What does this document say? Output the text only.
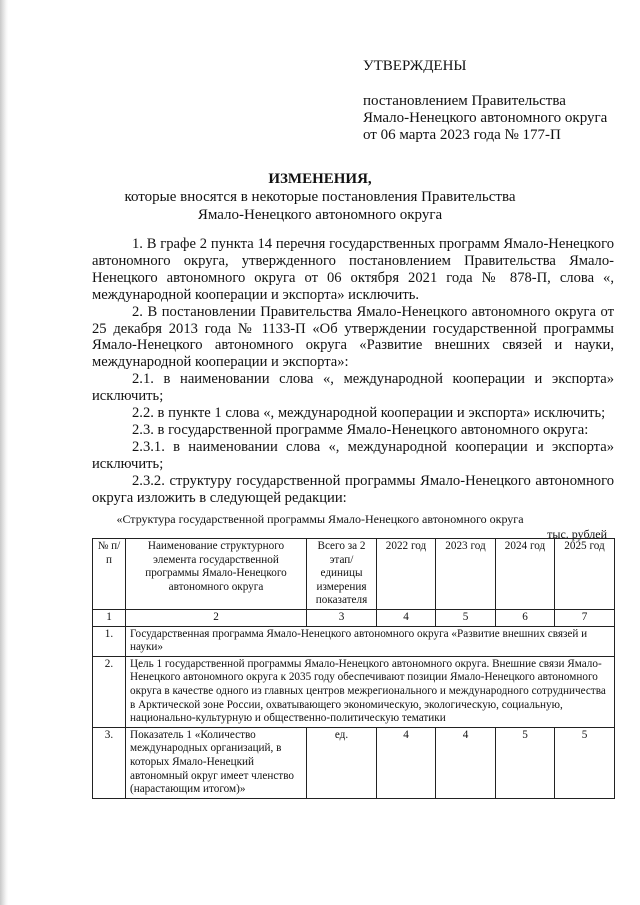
УТВЕРЖДЕНЫ
постановлением Правительства
Ямало-Ненецкого автономного округа
от 06 марта 2023 года № 177-П
ИЗМЕНЕНИЯ,
которые вносятся в некоторые постановления Правительства
Ямало-Ненецкого автономного округа

1. В графе 2 пункта 14 перечня государственных программ Ямало-Ненецкого автономного округа, утвержденного постановлением Правительства Ямало-Ненецкого автономного округа от 06 октября 2021 года № 878-П, слова «, международной кооперации и экспорта» исключить.

2. В постановлении Правительства Ямало-Ненецкого автономного округа от 25 декабря 2013 года № 1133-П «Об утверждении государственной программы Ямало-Ненецкого автономного округа «Развитие внешних связей и науки, международной кооперации и экспорта»:

2.1. в наименовании слова «, международной кооперации и экспорта» исключить;

2.2. в пункте 1 слова «, международной кооперации и экспорта» исключить;

2.3. в государственной программе Ямало-Ненецкого автономного округа:

2.3.1. в наименовании слова «, международной кооперации и экспорта» исключить;

2.3.2. структуру государственной программы Ямало-Ненецкого автономного округа изложить в следующей редакции:

«Структура государственной программы Ямало-Ненецкого автономного округа
тыс. рублей
№ п/п	Наименование структурного элемента государственной программы Ямало-Ненецкого автономного округа	Всего за 2 этап/ единицы измерения показателя	2022 год	2023 год	2024 год	2025 год
1	2	3	4	5	6	7
1.	Государственная программа Ямало-Ненецкого автономного округа «Развитие внешних связей и науки»					
2.	Цель 1 государственной программы Ямало-Ненецкого автономного округа. Внешние связи Ямало-Ненецкого автономного округа к 2035 году обеспечивают позиции Ямало-Ненецкого автономного округа в качестве одного из главных центров межрегионального и международного сотрудничества в Арктической зоне России, охватывающего экономическую, экологическую, социальную, национально-культурную и общественно-политическую тематики					
3.	Показатель 1 «Количество международных организаций, в которых Ямало-Ненецкий автономный округ имеет членство (нарастающим итогом)»	ед.	4	4	5	5
